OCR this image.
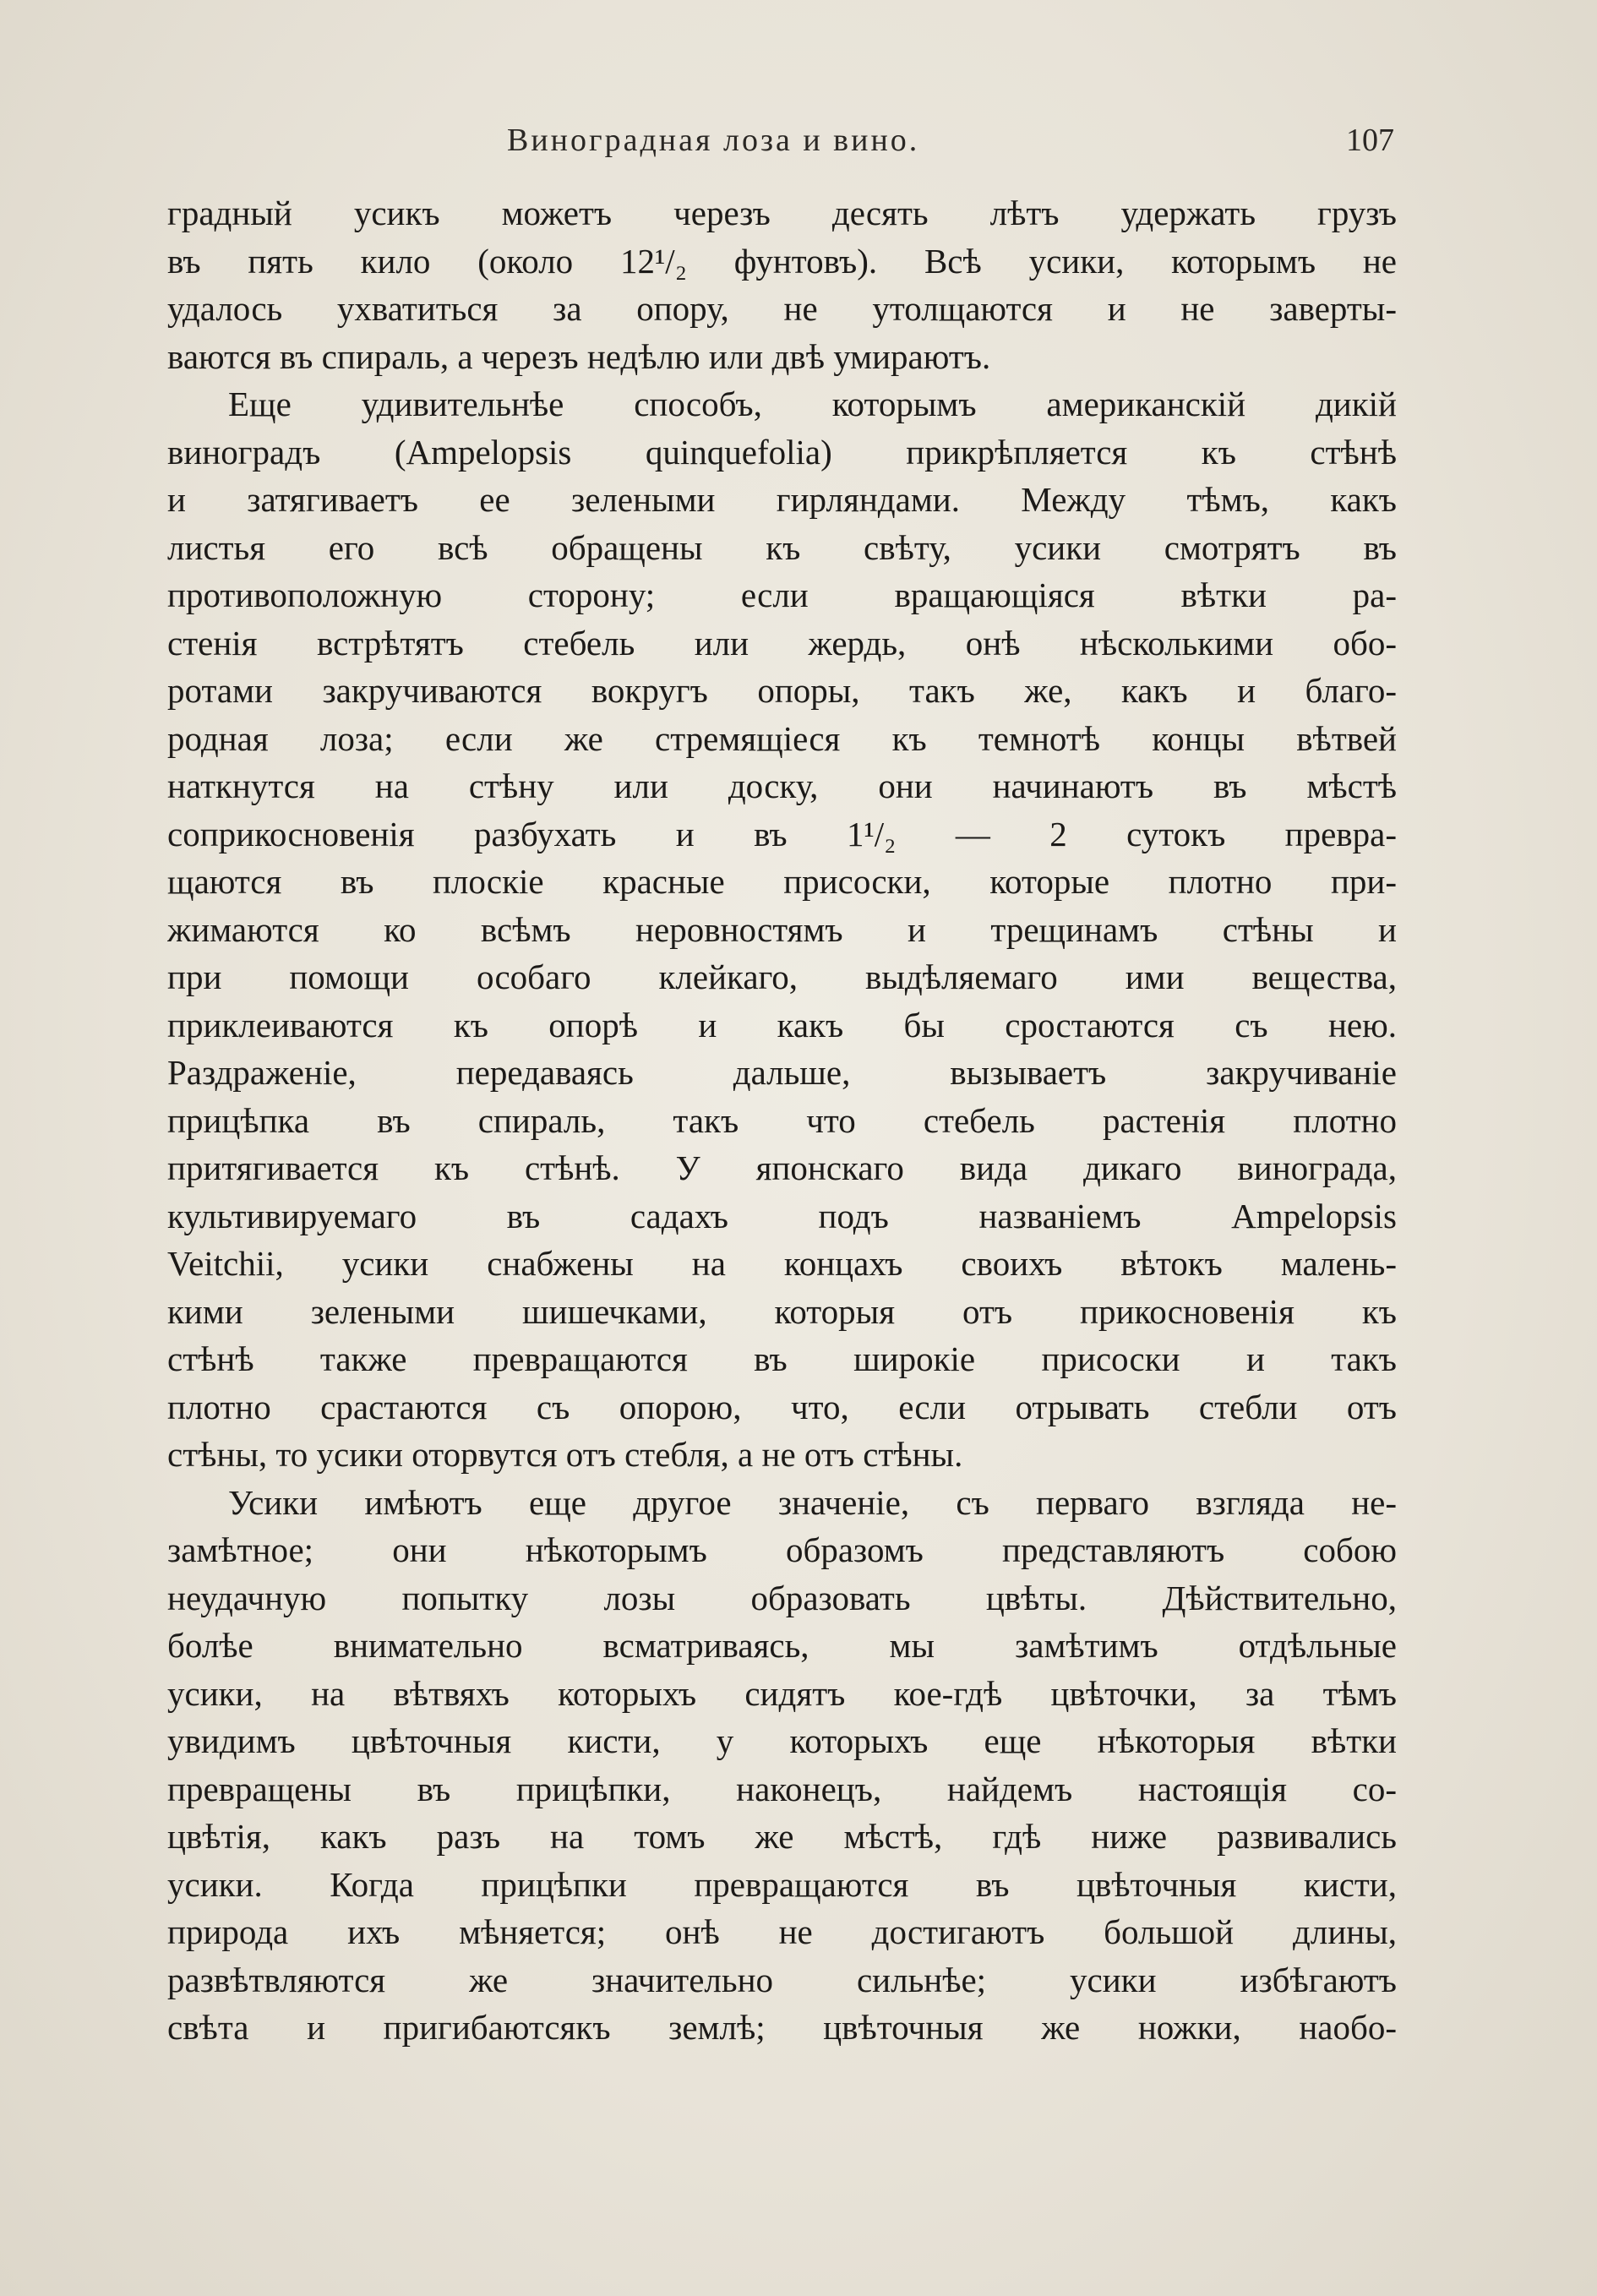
Виноградная лоза и вино.	107
градный усикъ можетъ черезъ десять лѣтъ удержать грузъ
въ пять кило (около 12¹/₂ фунтовъ). Всѣ усики, которымъ не
удалось ухватиться за опору, не утолщаются и не заверты-
ваются въ спираль, а черезъ недѣлю или двѣ умираютъ.
Еще удивительнѣе способъ, которымъ американскій дикій
виноградъ (Ampelopsis quinquefolia) прикрѣпляется къ стѣнѣ
и затягиваетъ ее зелеными гирляндами. Между тѣмъ, какъ
листья его всѣ обращены къ свѣту, усики смотрятъ въ
противоположную сторону; если вращающіяся вѣтки ра-
стенія встрѣтятъ стебель или жердь, онѣ нѣсколькими обо-
ротами закручиваются вокругъ опоры, такъ же, какъ и благо-
родная лоза; если же стремящіеся къ темнотѣ концы вѣтвей
наткнутся на стѣну или доску, они начинаютъ въ мѣстѣ
соприкосновенія разбухать и въ 1¹/₂ — 2 сутокъ превра-
щаются въ плоскіе красные присоски, которые плотно при-
жимаются ко всѣмъ неровностямъ и трещинамъ стѣны и
при помощи особаго клейкаго, выдѣляемаго ими вещества,
приклеиваются къ опорѣ и какъ бы сростаются съ нею.
Раздраженіе, передаваясь дальше, вызываетъ закручиваніе
прицѣпка въ спираль, такъ что стебель растенія плотно
притягивается къ стѣнѣ. У японскаго вида дикаго винограда,
культивируемаго въ садахъ подъ названіемъ Ampelopsis
Veitchii, усики снабжены на концахъ своихъ вѣтокъ малень-
кими зелеными шишечками, которыя отъ прикосновенія къ
стѣнѣ также превращаются въ широкіе присоски и такъ
плотно срастаются съ опорою, что, если отрывать стебли отъ
стѣны, то усики оторвутся отъ стебля, а не отъ стѣны.
Усики имѣютъ еще другое значеніе, съ перваго взгляда не-
замѣтное; они нѣкоторымъ образомъ представляютъ собою
неудачную попытку лозы образовать цвѣты. Дѣйствительно,
болѣе внимательно всматриваясь, мы замѣтимъ отдѣльные
усики, на вѣтвяхъ которыхъ сидятъ кое-гдѣ цвѣточки, за тѣмъ
увидимъ цвѣточныя кисти, у которыхъ еще нѣкоторыя вѣтки
превращены въ прицѣпки, наконецъ, найдемъ настоящія со-
цвѣтія, какъ разъ на томъ же мѣстѣ, гдѣ ниже развивались
усики. Когда прицѣпки превращаются въ цвѣточныя кисти,
природа ихъ мѣняется; онѣ не достигаютъ большой длины,
развѣтвляются же значительно сильнѣе; усики избѣгаютъ
свѣта и пригибаютсякъ землѣ; цвѣточныя же ножки, наобо-
